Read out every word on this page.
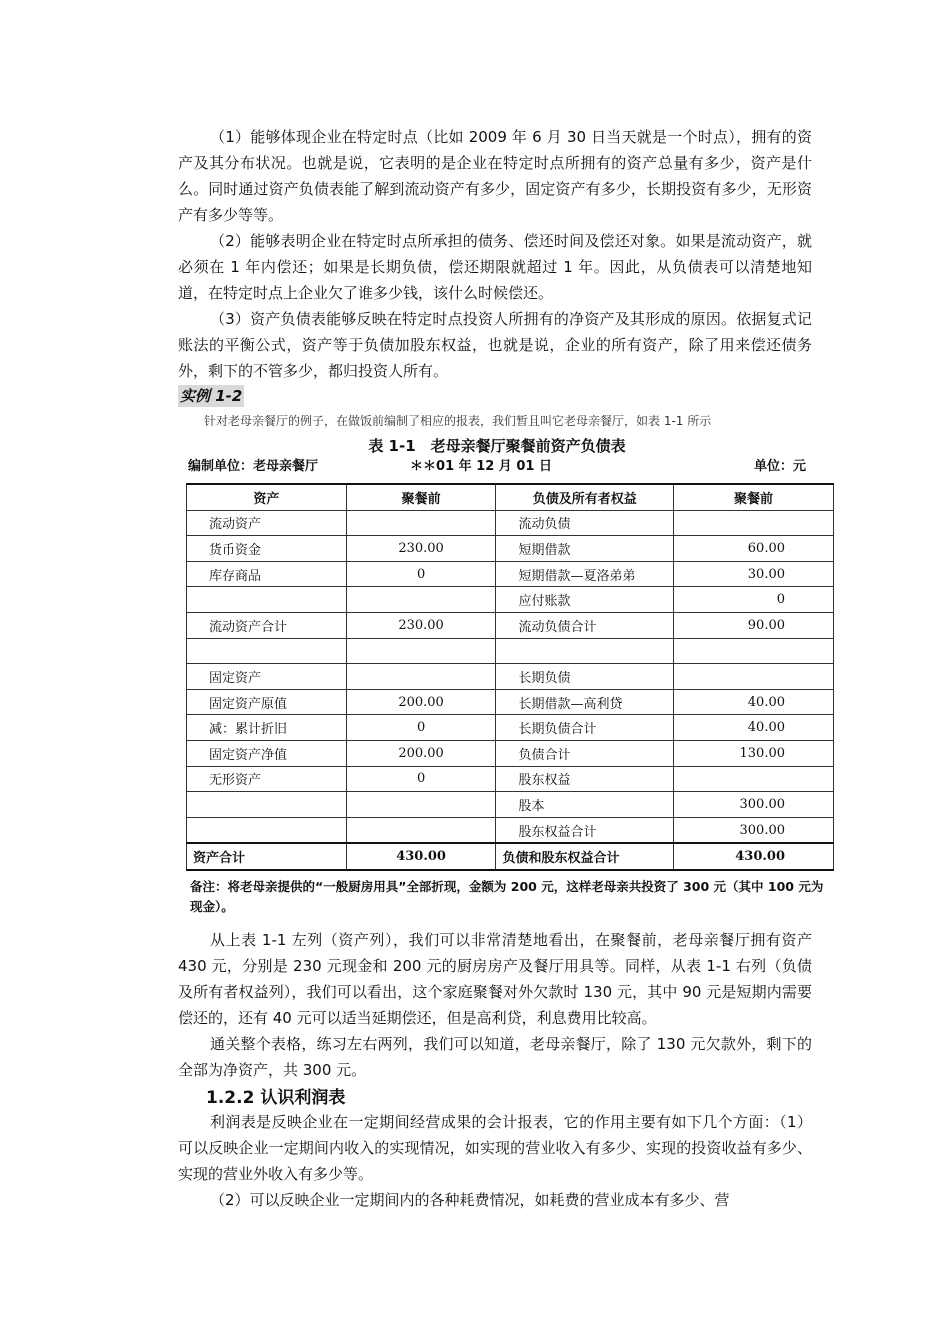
（1）能够体现企业在特定时点（比如 2009 年 6 月 30 日当天就是一个时点），拥有的资产及其分布状况。也就是说，它表明的是企业在特定时点所拥有的资产总量有多少，资产是什么。同时通过资产负债表能了解到流动资产有多少，固定资产有多少，长期投资有多少，无形资产有多少等等。

（2）能够表明企业在特定时点所承担的债务、偿还时间及偿还对象。如果是流动资产，就必须在 1 年内偿还；如果是长期负债，偿还期限就超过 1 年。因此，从负债表可以清楚地知道，在特定时点上企业欠了谁多少钱，该什么时候偿还。

（3）资产负债表能够反映在特定时点投资人所拥有的净资产及其形成的原因。依据复式记账法的平衡公式，资产等于负债加股东权益，也就是说，企业的所有资产，除了用来偿还债务外，剩下的不管多少，都归投资人所有。

实例 1-2

针对老母亲餐厅的例子，在做饭前编制了相应的报表，我们暂且叫它老母亲餐厅，如表 1-1 所示

表 1-1　老母亲餐厅聚餐前资产负债表
编制单位：老母亲餐厅	＊＊01 年 12 月 01 日	单位：元
资产	聚餐前	负债及所有者权益	聚餐前
流动资产		流动负债	
货币资金	230.00	短期借款	60.00
库存商品	0	短期借款—夏洛弟弟	30.00
		应付账款	0
流动资产合计	230.00	流动负债合计	90.00

固定资产		长期负债	
固定资产原值	200.00	长期借款—高利贷	40.00
减：累计折旧	0	长期负债合计	40.00
固定资产净值	200.00	负债合计	130.00
无形资产	0	股东权益	
		股本	300.00
		股东权益合计	300.00
资产合计	430.00	负债和股东权益合计	430.00
备注：将老母亲提供的“一般厨房用具”全部折现，金额为 200 元，这样老母亲共投资了 300 元（其中 100 元为现金）。

从上表 1-1 左列（资产列），我们可以非常清楚地看出，在聚餐前，老母亲餐厅拥有资产 430 元，分别是 230 元现金和 200 元的厨房房产及餐厅用具等。同样，从表 1-1 右列（负债及所有者权益列），我们可以看出，这个家庭聚餐对外欠款时 130 元，其中 90 元是短期内需要偿还的，还有 40 元可以适当延期偿还，但是高利贷，利息费用比较高。

通关整个表格，练习左右两列，我们可以知道，老母亲餐厅，除了 130 元欠款外，剩下的全部为净资产，共 300 元。

1.2.2 认识利润表

利润表是反映企业在一定期间经营成果的会计报表，它的作用主要有如下几个方面：（1）可以反映企业一定期间内收入的实现情况，如实现的营业收入有多少、实现的投资收益有多少、实现的营业外收入有多少等。

（2）可以反映企业一定期间内的各种耗费情况，如耗费的营业成本有多少、营
